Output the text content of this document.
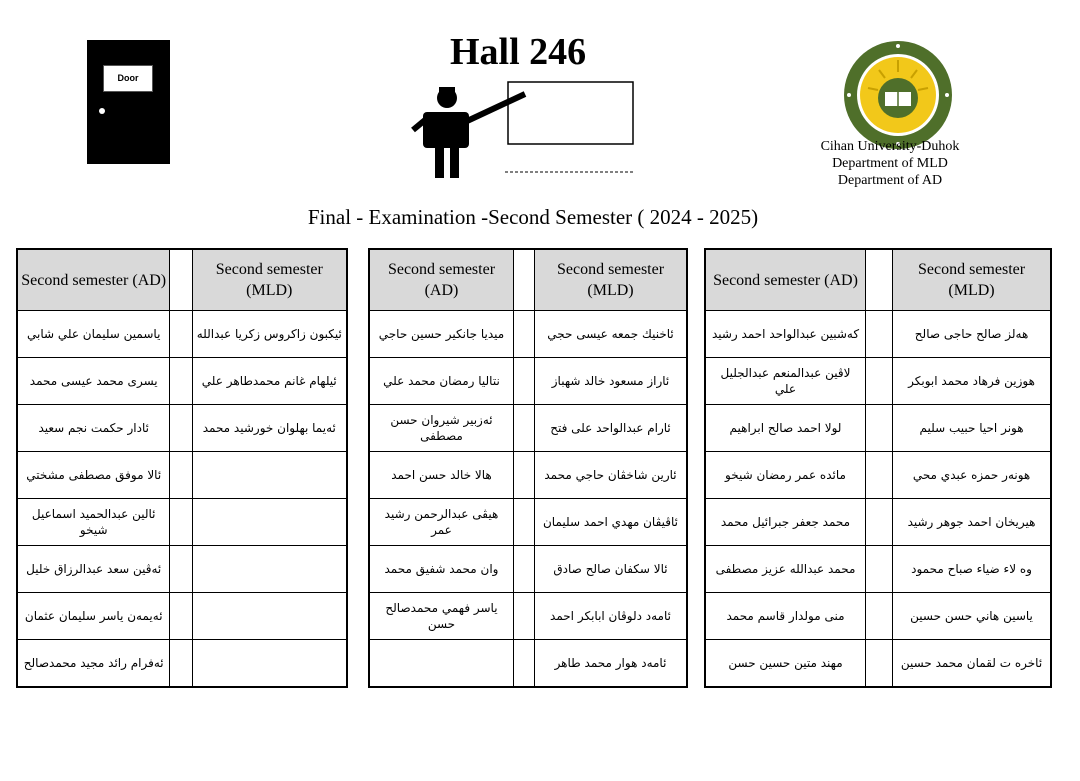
Door
Hall 246
Cihan University-Duhok
Department of MLD
Department of AD
Final - Examination -Second Semester ( 2024 - 2025)
Second semester (AD)		Second semester (MLD)
ياسمين سليمان علي شابي		ئيكبون زاكروس زكريا عبدالله
يسرى محمد عيسى محمد		ئيلهام غانم محمدطاهر علي
ئادار حكمت نجم سعيد		ئەيما بهلوان خورشيد محمد
ئالا موفق مصطفى مشختي		
ئالين عبدالحميد اسماعيل شيخو		
ئەڤين سعد عبدالرزاق خليل		
ئەيمەن ياسر سليمان عثمان		
ئەفرام رائد مجيد محمدصالح		
Second semester (AD)		Second semester (MLD)
ميديا جانكير حسين حاجي		ئاخنيك جمعه عيسى حجي
نتاليا رمضان محمد علي		ئاراز مسعود خالد شهباز
ئەزبير شيروان حسن مصطفى		ئارام عبدالواحد على فتح
هالا خالد حسن احمد		ئارين شاخڤان حاجي محمد
هيڤى عبدالرحمن رشيد عمر		ئاڤيڤان مهدي احمد سليمان
وان محمد شفيق محمد		ئالا سكفان صالح صادق
ياسر فهمي محمدصالح حسن		ئامەد دلوڤان ابابكر احمد
		ئامەد هوار محمد طاهر
Second semester (AD)		Second semester (MLD)
کەشبين عبدالواحد احمد رشيد		هەلز صالح حاجى صالح
لاڤين عبدالمنعم عبدالجليل علي		هوزين فرهاد محمد ابوبكر
لولا احمد صالح ابراهيم		هونر احيا حبيب سليم
مائده عمر رمضان شيخو		هونەر حمزه عبدي محي
محمد جعفر جبرائيل محمد		هيريخان احمد جوهر رشيد
محمد عبدالله عزيز مصطفى		وه لاء ضياء صباح محمود
منى مولدار قاسم محمد		ياسين هاني حسن حسين
مهند متين حسين حسن		ئاخره ت لقمان محمد حسين
